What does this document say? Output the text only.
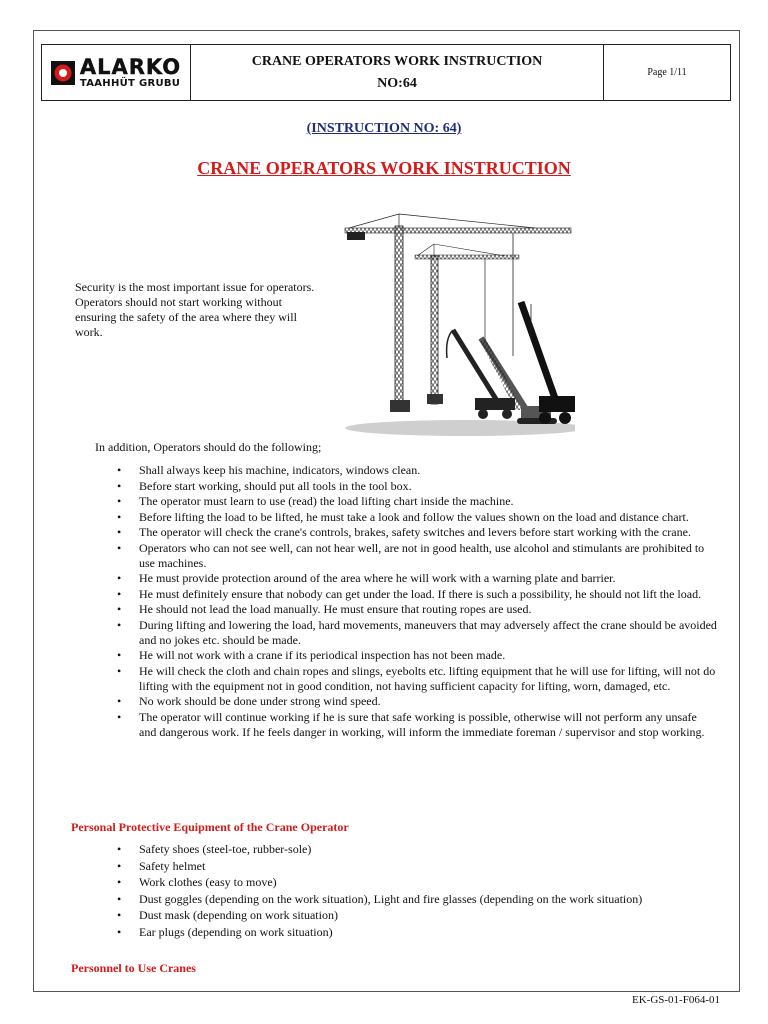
ALARKO
TAAHHÜT GRUBU
CRANE OPERATORS WORK INSTRUCTION
NO:64
Page 1/11
(INSTRUCTION NO: 64)
CRANE OPERATORS WORK INSTRUCTION

Security is the most important issue for operators.

Operators should not start working without ensuring the safety of the area where they will work.

In addition, Operators should do the following;
• Shall always keep his machine, indicators, windows clean.
• Before start working, should put all tools in the tool box.
• The operator must learn to use (read) the load lifting chart inside the machine.
• Before lifting the load to be lifted, he must take a look and follow the values shown on the load and distance chart.
• The operator will check the crane's controls, brakes, safety switches and levers before start working with the crane.
• Operators who can not see well, can not hear well, are not in good health, use alcohol and stimulants are prohibited to use machines.
• He must provide protection around of the area where he will work with a warning plate and barrier.
• He must definitely ensure that nobody can get under the load. If there is such a possibility, he should not lift the load.
• He should not lead the load manually. He must ensure that routing ropes are used.
• During lifting and lowering the load, hard movements, maneuvers that may adversely affect the crane should be avoided and no jokes etc. should be made.
• He will not work with a crane if its periodical inspection has not been made.
• He will check the cloth and chain ropes and slings, eyebolts etc. lifting equipment that he will use for lifting, will not do lifting with the equipment not in good condition, not having sufficient capacity for lifting, worn, damaged, etc.
• No work should be done under strong wind speed.
• The operator will continue working if he is sure that safe working is possible, otherwise will not perform any unsafe and dangerous work. If he feels danger in working, will inform the immediate foreman / supervisor and stop working.
Personal Protective Equipment of the Crane Operator
• Safety shoes (steel-toe, rubber-sole)
• Safety helmet
• Work clothes (easy to move)
• Dust goggles (depending on the work situation), Light and fire glasses (depending on the work situation)
• Dust mask (depending on work situation)
• Ear plugs (depending on work situation)
Personnel to Use Cranes
EK-GS-01-F064-01
